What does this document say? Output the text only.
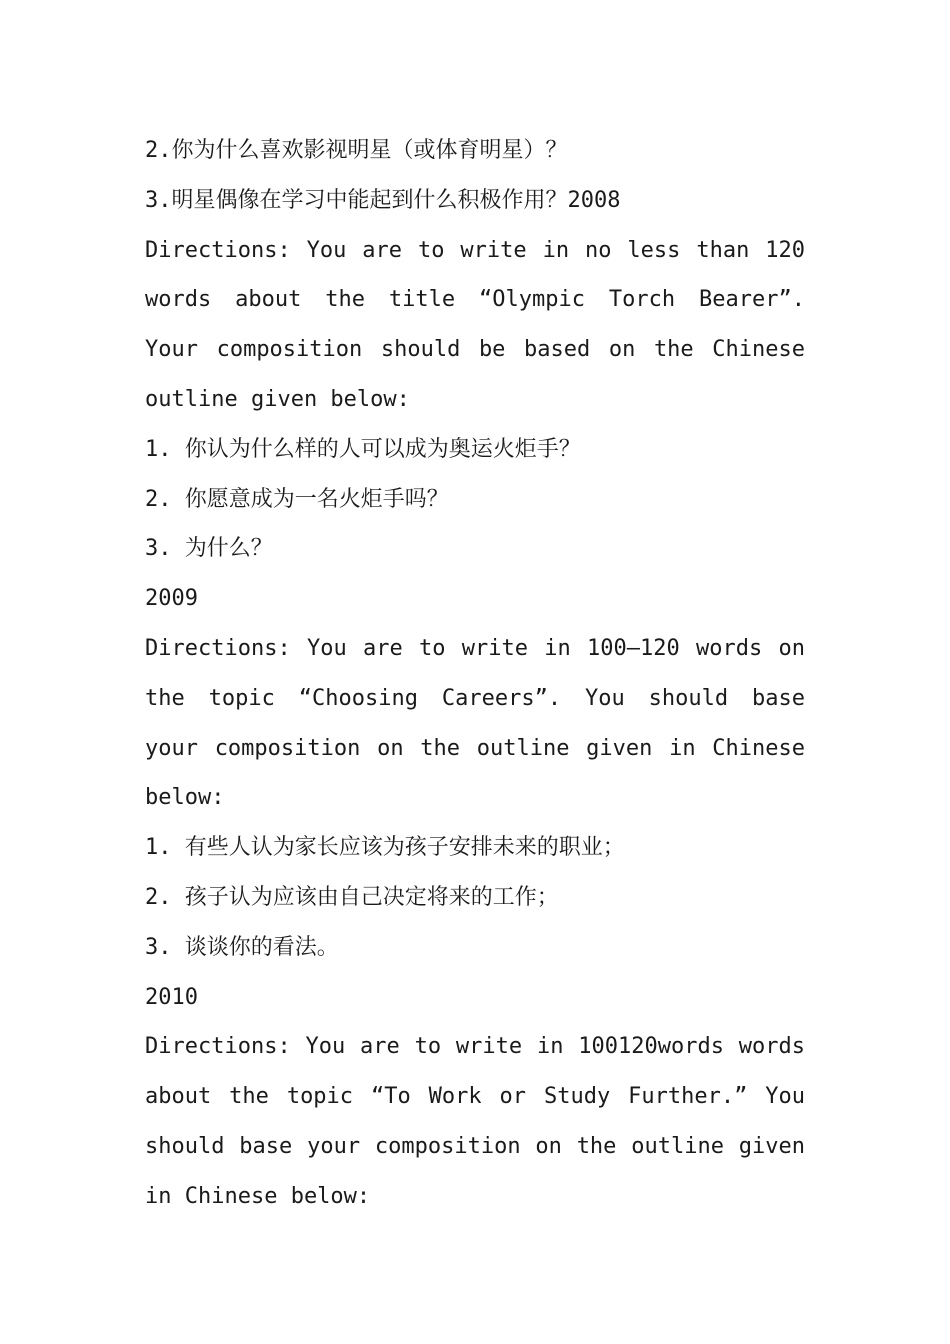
2.你为什么喜欢影视明星（或体育明星）？
3.明星偶像在学习中能起到什么积极作用？2008
Directions: You are to write in no less than 120
words about the title “Olympic Torch Bearer”.
Your composition should be based on the Chinese
outline given below:
1. 你认为什么样的人可以成为奥运火炬手？
2. 你愿意成为一名火炬手吗？
3. 为什么？
2009
Directions: You are to write in 100—120 words on
the topic “Choosing Careers”. You should base
your composition on the outline given in Chinese
below:
1. 有些人认为家长应该为孩子安排未来的职业；
2. 孩子认为应该由自己决定将来的工作；
3. 谈谈你的看法。
2010
Directions: You are to write in 100120words words
about the topic “To Work or Study Further.” You
should base your composition on the outline given
in Chinese below:
